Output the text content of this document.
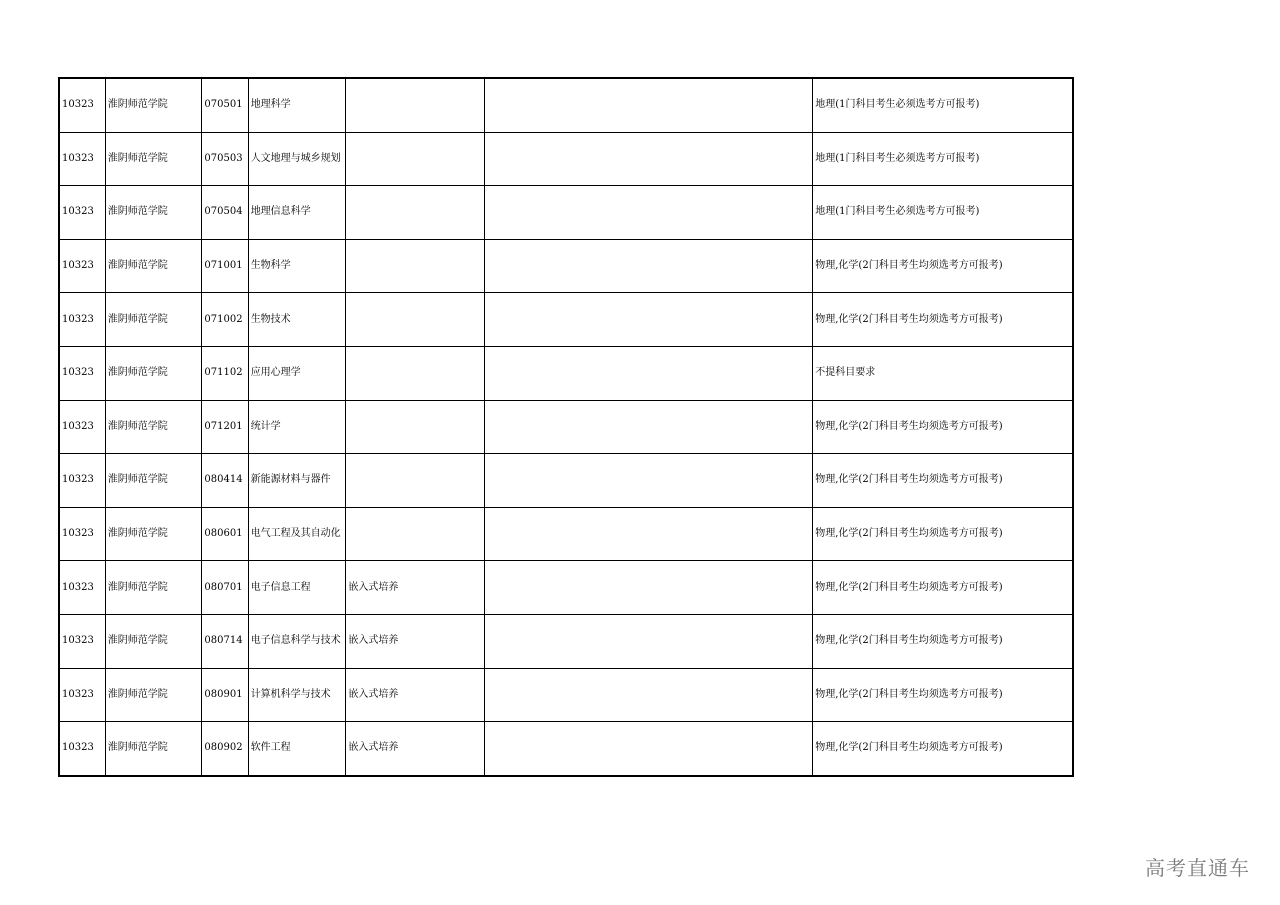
10323	淮阴师范学院	070501	地理科学			地理(1门科目考生必须选考方可报考)
10323	淮阴师范学院	070503	人文地理与城乡规划			地理(1门科目考生必须选考方可报考)
10323	淮阴师范学院	070504	地理信息科学			地理(1门科目考生必须选考方可报考)
10323	淮阴师范学院	071001	生物科学			物理,化学(2门科目考生均须选考方可报考)
10323	淮阴师范学院	071002	生物技术			物理,化学(2门科目考生均须选考方可报考)
10323	淮阴师范学院	071102	应用心理学			不提科目要求
10323	淮阴师范学院	071201	统计学			物理,化学(2门科目考生均须选考方可报考)
10323	淮阴师范学院	080414	新能源材料与器件			物理,化学(2门科目考生均须选考方可报考)
10323	淮阴师范学院	080601	电气工程及其自动化			物理,化学(2门科目考生均须选考方可报考)
10323	淮阴师范学院	080701	电子信息工程	嵌入式培养		物理,化学(2门科目考生均须选考方可报考)
10323	淮阴师范学院	080714	电子信息科学与技术	嵌入式培养		物理,化学(2门科目考生均须选考方可报考)
10323	淮阴师范学院	080901	计算机科学与技术	嵌入式培养		物理,化学(2门科目考生均须选考方可报考)
10323	淮阴师范学院	080902	软件工程	嵌入式培养		物理,化学(2门科目考生均须选考方可报考)
高考直通车
